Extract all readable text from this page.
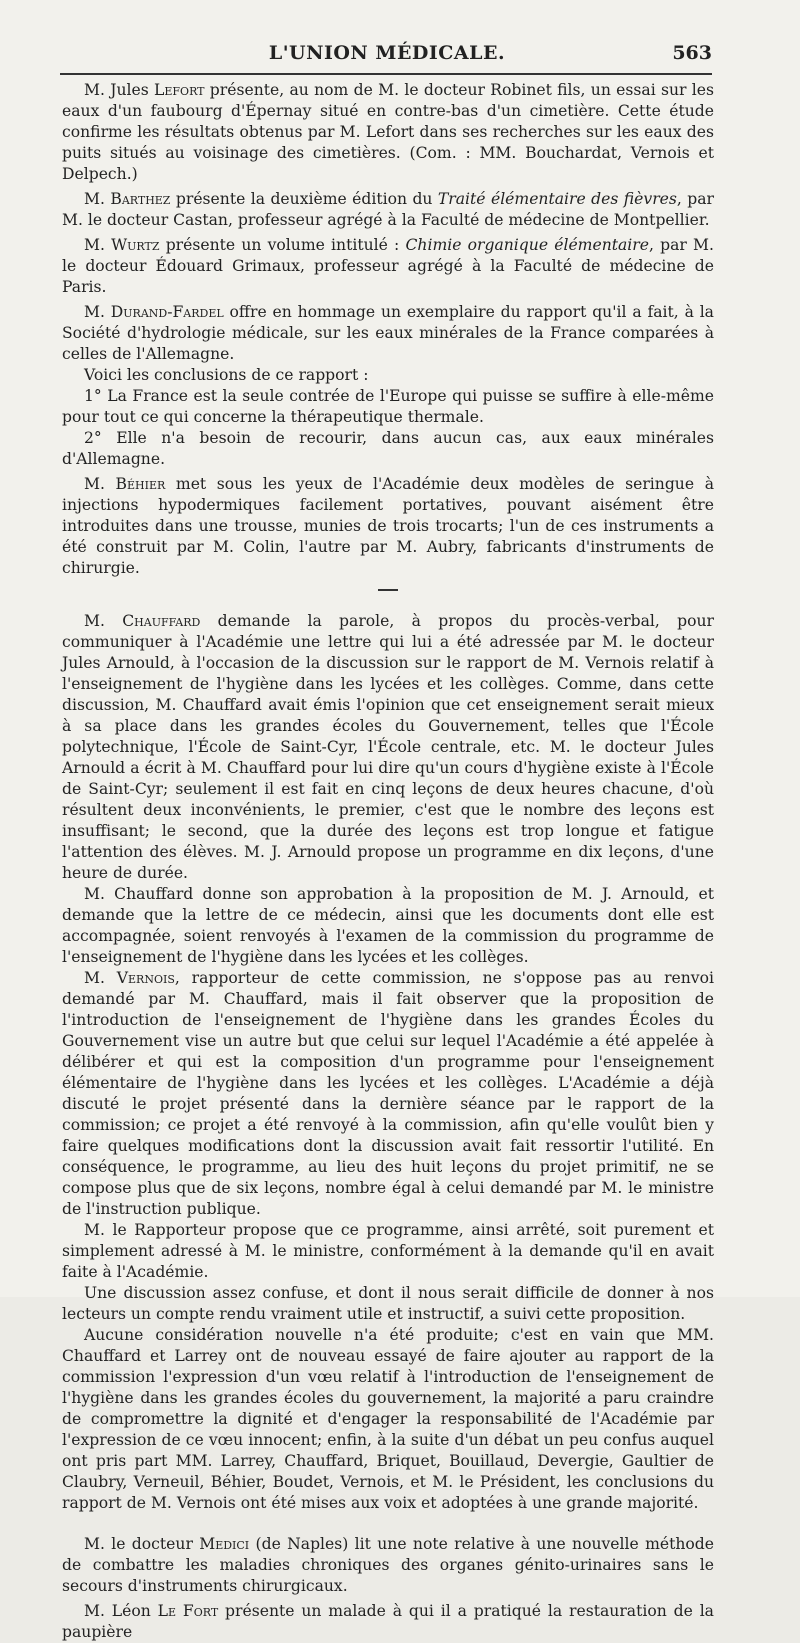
L'UNION MÉDICALE.	563

M. Jules Lefort présente, au nom de M. le docteur Robinet fils, un essai sur les eaux d'un faubourg d'Épernay situé en contre-bas d'un cimetière. Cette étude confirme les résultats obtenus par M. Lefort dans ses recherches sur les eaux des puits situés au voisinage des cimetières. (Com. : MM. Bouchardat, Vernois et Delpech.)

M. Barthez présente la deuxième édition du Traité élémentaire des fièvres, par M. le docteur Castan, professeur agrégé à la Faculté de médecine de Montpellier.

M. Wurtz présente un volume intitulé : Chimie organique élémentaire, par M. le docteur Édouard Grimaux, professeur agrégé à la Faculté de médecine de Paris.

M. Durand-Fardel offre en hommage un exemplaire du rapport qu'il a fait, à la Société d'hydrologie médicale, sur les eaux minérales de la France comparées à celles de l'Allemagne.

Voici les conclusions de ce rapport :

1° La France est la seule contrée de l'Europe qui puisse se suffire à elle-même pour tout ce qui concerne la thérapeutique thermale.

2° Elle n'a besoin de recourir, dans aucun cas, aux eaux minérales d'Allemagne.

M. Béhier met sous les yeux de l'Académie deux modèles de seringue à injections hypodermiques facilement portatives, pouvant aisément être introduites dans une trousse, munies de trois trocarts; l'un de ces instruments a été construit par M. Colin, l'autre par M. Aubry, fabricants d'instruments de chirurgie.

M. Chauffard demande la parole, à propos du procès-verbal, pour communiquer à l'Académie une lettre qui lui a été adressée par M. le docteur Jules Arnould, à l'occasion de la discussion sur le rapport de M. Vernois relatif à l'enseignement de l'hygiène dans les lycées et les collèges. Comme, dans cette discussion, M. Chauffard avait émis l'opinion que cet enseignement serait mieux à sa place dans les grandes écoles du Gouvernement, telles que l'École polytechnique, l'École de Saint-Cyr, l'École centrale, etc. M. le docteur Jules Arnould a écrit à M. Chauffard pour lui dire qu'un cours d'hygiène existe à l'École de Saint-Cyr; seulement il est fait en cinq leçons de deux heures chacune, d'où résultent deux inconvénients, le premier, c'est que le nombre des leçons est insuffisant; le second, que la durée des leçons est trop longue et fatigue l'attention des élèves. M. J. Arnould propose un programme en dix leçons, d'une heure de durée.

M. Chauffard donne son approbation à la proposition de M. J. Arnould, et demande que la lettre de ce médecin, ainsi que les documents dont elle est accompagnée, soient renvoyés à l'examen de la commission du programme de l'enseignement de l'hygiène dans les lycées et les collèges.

M. Vernois, rapporteur de cette commission, ne s'oppose pas au renvoi demandé par M. Chauffard, mais il fait observer que la proposition de l'introduction de l'enseignement de l'hygiène dans les grandes Écoles du Gouvernement vise un autre but que celui sur lequel l'Académie a été appelée à délibérer et qui est la composition d'un programme pour l'enseignement élémentaire de l'hygiène dans les lycées et les collèges. L'Académie a déjà discuté le projet présenté dans la dernière séance par le rapport de la commission; ce projet a été renvoyé à la commission, afin qu'elle voulût bien y faire quelques modifications dont la discussion avait fait ressortir l'utilité. En conséquence, le programme, au lieu des huit leçons du projet primitif, ne se compose plus que de six leçons, nombre égal à celui demandé par M. le ministre de l'instruction publique.

M. le Rapporteur propose que ce programme, ainsi arrêté, soit purement et simplement adressé à M. le ministre, conformément à la demande qu'il en avait faite à l'Académie.

Une discussion assez confuse, et dont il nous serait difficile de donner à nos lecteurs un compte rendu vraiment utile et instructif, a suivi cette proposition.

Aucune considération nouvelle n'a été produite; c'est en vain que MM. Chauffard et Larrey ont de nouveau essayé de faire ajouter au rapport de la commission l'expression d'un vœu relatif à l'introduction de l'enseignement de l'hygiène dans les grandes écoles du gouvernement, la majorité a paru craindre de compromettre la dignité et d'engager la responsabilité de l'Académie par l'expression de ce vœu innocent; enfin, à la suite d'un débat un peu confus auquel ont pris part MM. Larrey, Chauffard, Briquet, Bouillaud, Devergie, Gaultier de Claubry, Verneuil, Béhier, Boudet, Vernois, et M. le Président, les conclusions du rapport de M. Vernois ont été mises aux voix et adoptées à une grande majorité.

M. le docteur Medici (de Naples) lit une note relative à une nouvelle méthode de combattre les maladies chroniques des organes génito-urinaires sans le secours d'instruments chirurgicaux.

M. Léon Le Fort présente un malade à qui il a pratiqué la restauration de la paupière
